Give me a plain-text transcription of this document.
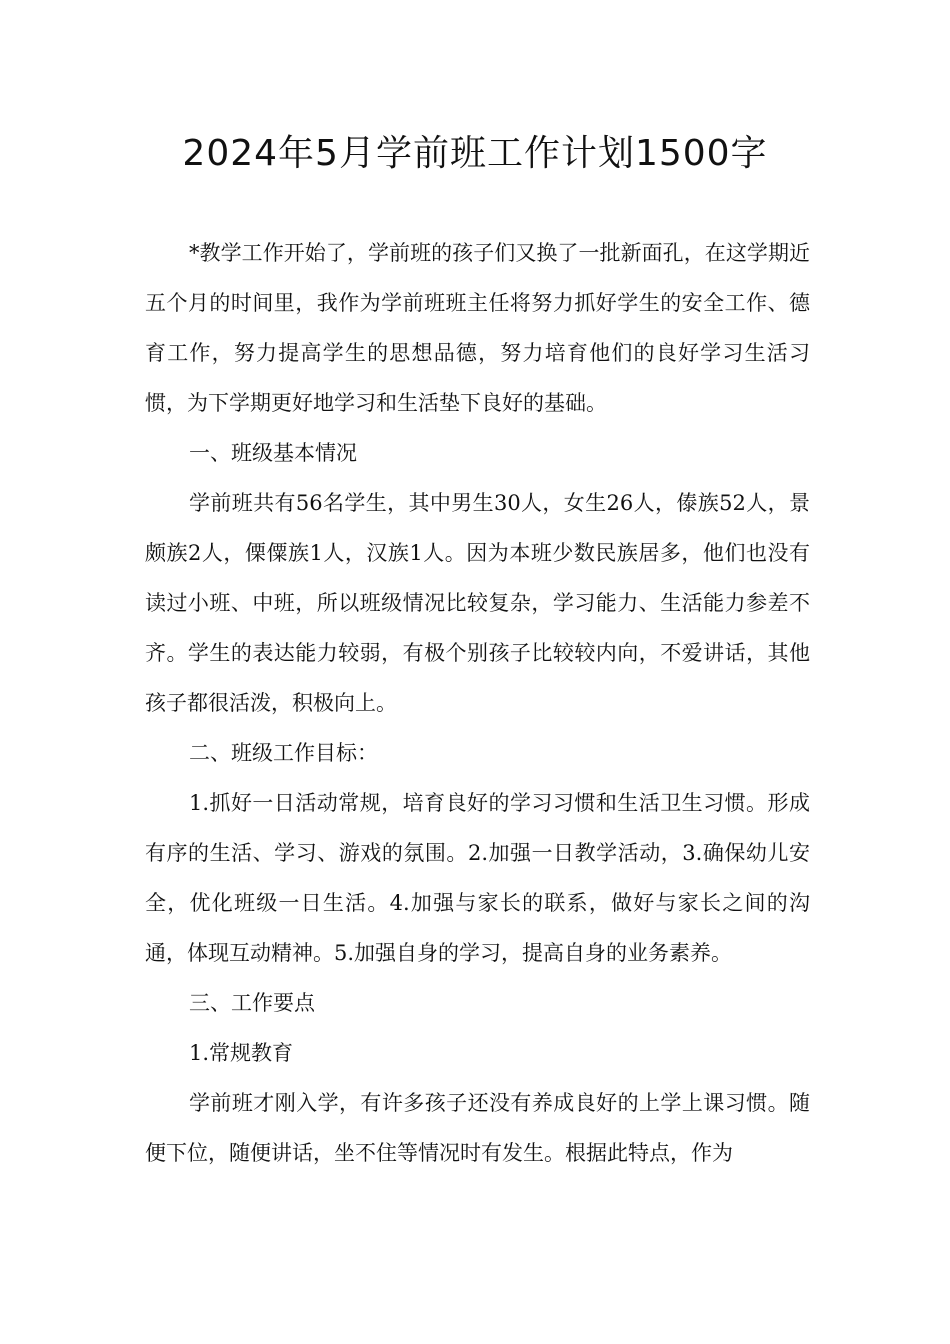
2024年5月学前班工作计划1500字

*教学工作开始了，学前班的孩子们又换了一批新面孔，在这学期近五个月的时间里，我作为学前班班主任将努力抓好学生的安全工作、德育工作，努力提高学生的思想品德，努力培育他们的良好学习生活习惯，为下学期更好地学习和生活垫下良好的基础。

一、班级基本情况

学前班共有56名学生，其中男生30人，女生26人，傣族52人，景颇族2人，傈僳族1人，汉族1人。因为本班少数民族居多，他们也没有读过小班、中班，所以班级情况比较复杂，学习能力、生活能力参差不齐。学生的表达能力较弱，有极个别孩子比较较内向，不爱讲话，其他孩子都很活泼，积极向上。

二、班级工作目标：

1.抓好一日活动常规，培育良好的学习习惯和生活卫生习惯。形成有序的生活、学习、游戏的氛围。2.加强一日教学活动，3.确保幼儿安全，优化班级一日生活。4.加强与家长的联系，做好与家长之间的沟通，体现互动精神。5.加强自身的学习，提高自身的业务素养。

三、工作要点

1.常规教育

学前班才刚入学，有许多孩子还没有养成良好的上学上课习惯。随便下位，随便讲话，坐不住等情况时有发生。根据此特点，作为
